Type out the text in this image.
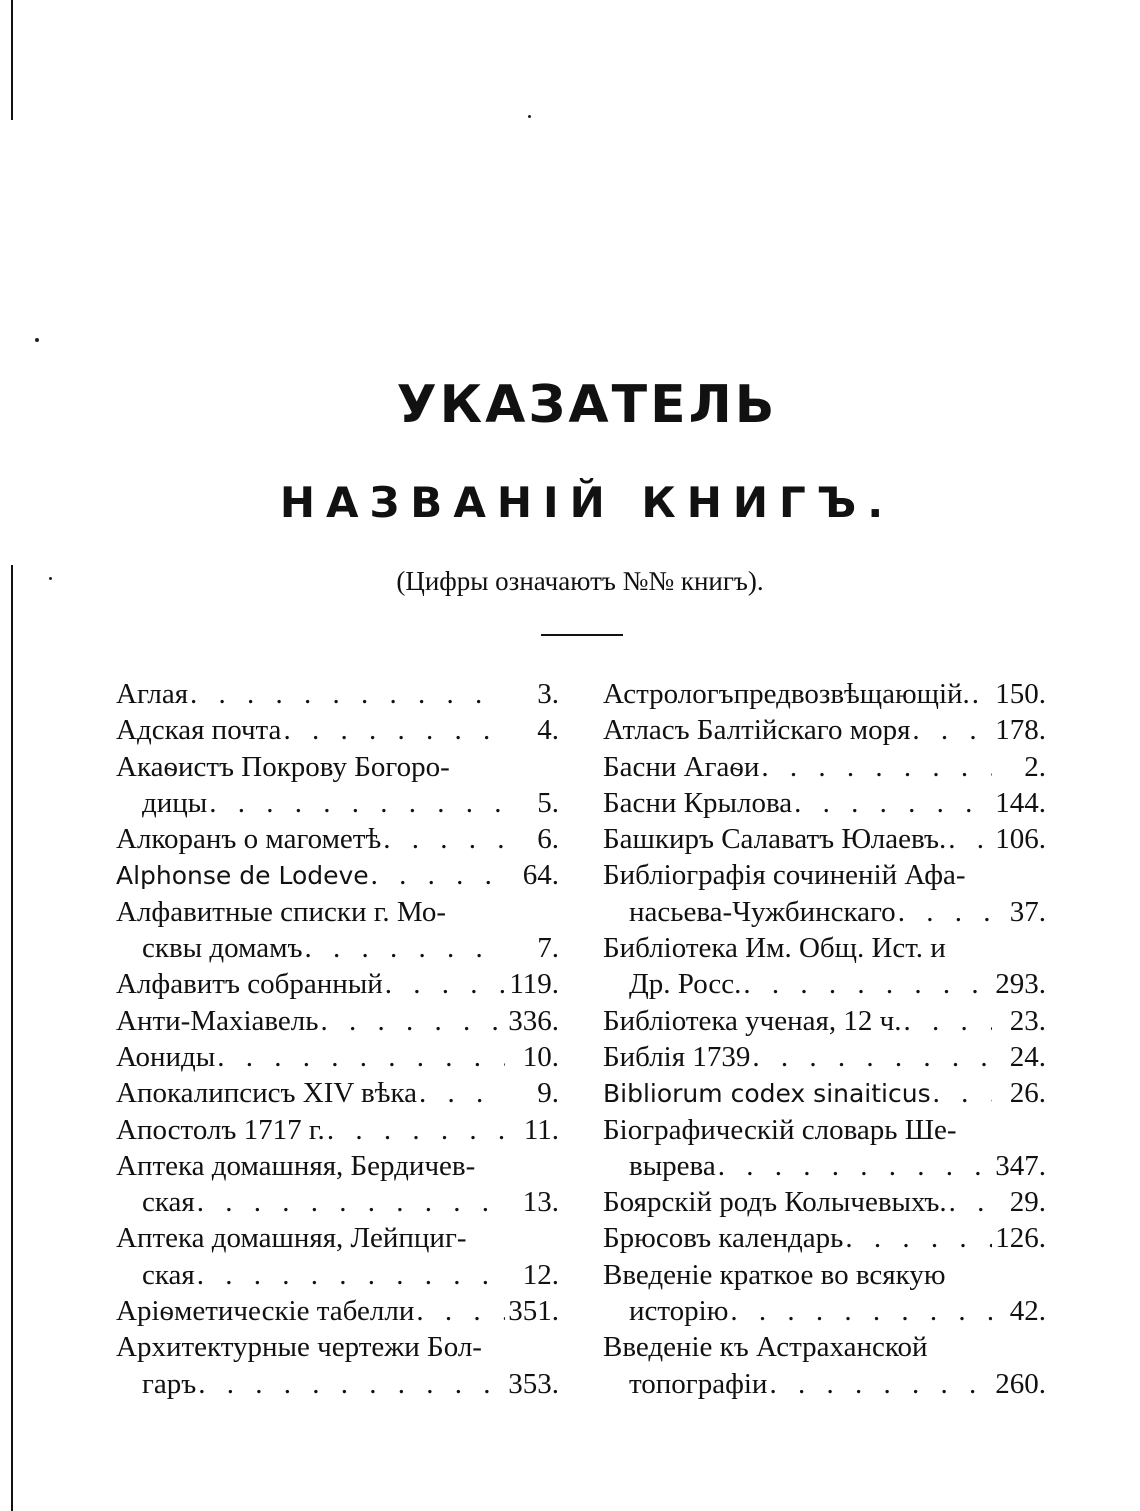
УКАЗАТЕЛЬ
НАЗВАНІЙ КНИГЪ.

(Цифры означаютъ №№ книгъ).

Аглая . . .	3.
Адская почта . . .	4.
Акаѳистъ Покрову Богоро-
дицы . . .	5.
Алкоранъ о магометѣ . . .	6.
Alphonse de Lodeve . . .	64.
Алфавитные списки г. Мо-
сквы домамъ . . .	7.
Алфавитъ собранный . . .	119.
Анти-Махіавель . . .	336.
Аониды . . .	10.
Апокалипсисъ XIV вѣка . . .	9.
Апостолъ 1717 г. . . .	11.
Аптека домашняя, Бердичев-
ская . . .	13.
Аптека домашняя, Лейпциг-
ская . . .	12.
Аріѳметическіе табелли . . .	351.
Архитектурные чертежи Бол-
гаръ . . .	353.
Астрологъпредвозвѣщающій. . . . 150.
Атласъ Балтійскаго моря . . .	178.
Басни Агаѳи . . .	2.
Басни Крылова . . .	144.
Башкиръ Салаватъ Юлаевъ. . . . 106.
Библіографія сочиненій Афа-
насьева-Чужбинскаго . . .	37.
Библіотека Им. Общ. Ист. и
Др. Росс. . . .	293.
Библіотека ученая, 12 ч. . . .	23.
Библія 1739 . . .	24.
Bibliorum codex sinaiticus . . .	26.
Біографическій словарь Ше-
вырева . . .	347.
Боярскій родъ Колычевыхъ. . . .	29.
Брюсовъ календарь . . .	126.
Введеніе краткое во всякую
исторію . . .	42.
Введеніе къ Астраханской
топографіи . . .	260.
